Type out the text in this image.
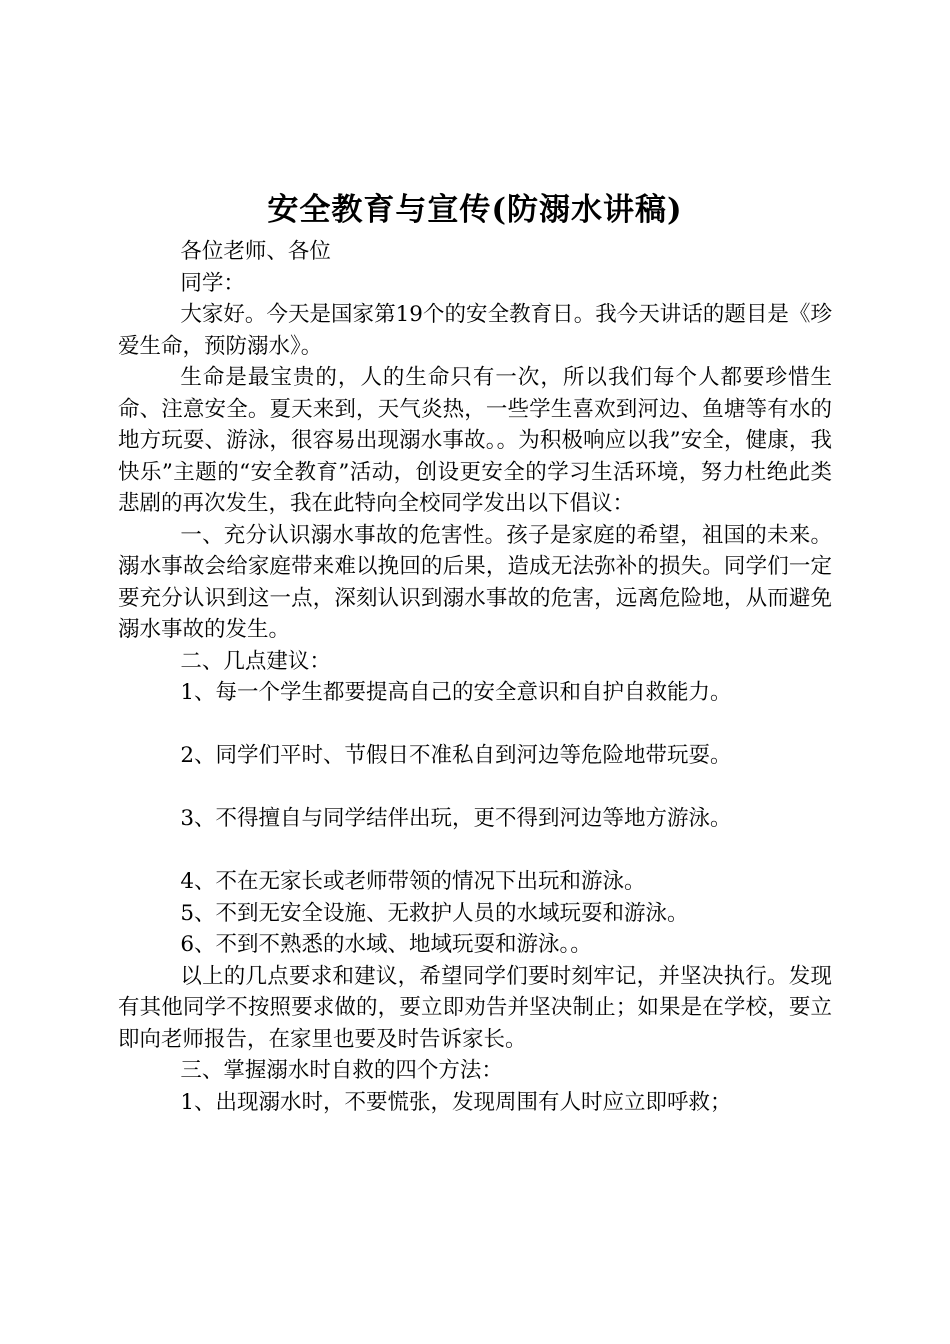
安全教育与宣传(防溺水讲稿)

各位老师、各位

同学：

大家好。今天是国家第19个的安全教育日。我今天讲话的题目是《珍爱生命，预防溺水》。

生命是最宝贵的，人的生命只有一次，所以我们每个人都要珍惜生命、注意安全。夏天来到，天气炎热，一些学生喜欢到河边、鱼塘等有水的地方玩耍、游泳，很容易出现溺水事故。。为积极响应以我”安全，健康，我快乐”主题的“安全教育”活动，创设更安全的学习生活环境，努力杜绝此类悲剧的再次发生，我在此特向全校同学发出以下倡议：

一、充分认识溺水事故的危害性。孩子是家庭的希望，祖国的未来。溺水事故会给家庭带来难以挽回的后果，造成无法弥补的损失。同学们一定要充分认识到这一点，深刻认识到溺水事故的危害，远离危险地，从而避免溺水事故的发生。

二、几点建议：

1、每一个学生都要提高自己的安全意识和自护自救能力。

2、同学们平时、节假日不准私自到河边等危险地带玩耍。

3、不得擅自与同学结伴出玩，更不得到河边等地方游泳。

4、不在无家长或老师带领的情况下出玩和游泳。

5、不到无安全设施、无救护人员的水域玩耍和游泳。

6、不到不熟悉的水域、地域玩耍和游泳。。

以上的几点要求和建议，希望同学们要时刻牢记，并坚决执行。发现有其他同学不按照要求做的，要立即劝告并坚决制止；如果是在学校，要立即向老师报告，在家里也要及时告诉家长。

三、掌握溺水时自救的四个方法：

1、出现溺水时，不要慌张，发现周围有人时应立即呼救；
